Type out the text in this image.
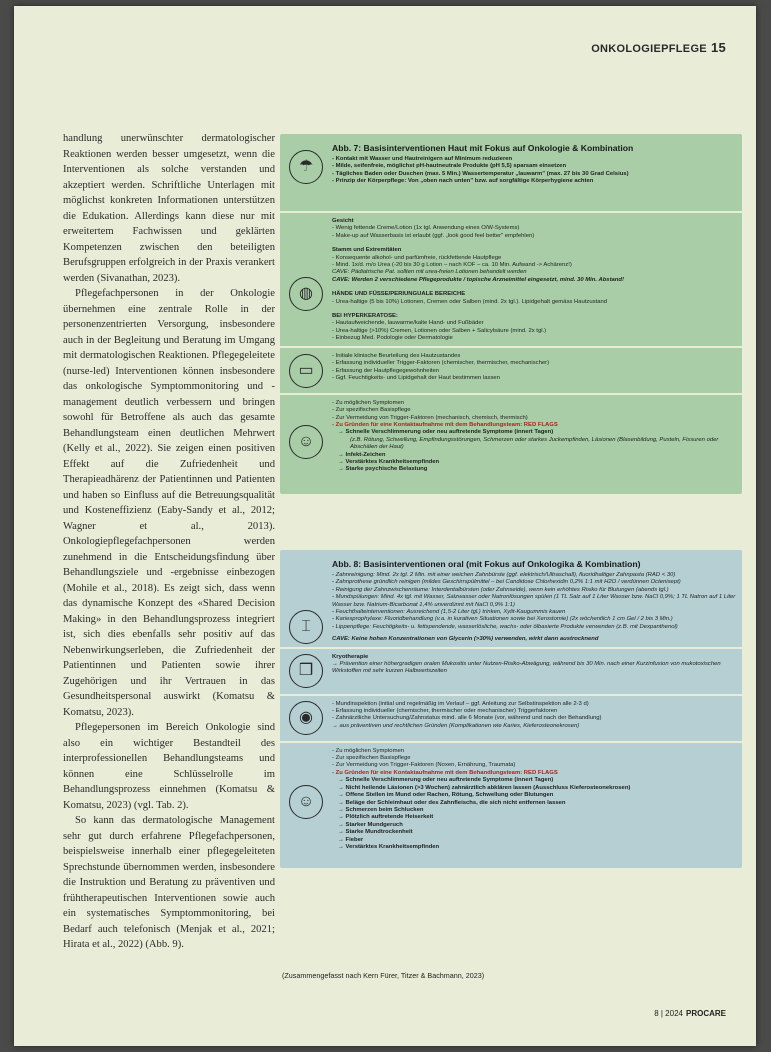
ONKOLOGIEPFLEGE 15

handlung unerwünschter dermatologischer Reaktionen werden besser umgesetzt, wenn die Interventionen als solche verstanden und akzeptiert werden. Schriftliche Unterlagen mit möglichst konkreten Informationen unterstützen die Edukation. Allerdings kann diese nur mit erweitertem Fachwissen und geklärten Kompetenzen zwischen den beteiligten Berufsgruppen erfolgreich in der Praxis verankert werden (Sivanathan, 2023).

Pflegefachpersonen in der Onkologie übernehmen eine zentrale Rolle in der personenzentrierten Versorgung, insbesondere auch in der Begleitung und Beratung im Umgang mit dermatologischen Reaktionen. Pflegegeleitete (nurse-led) Interventionen können insbesondere das onkologische Symptommonitoring und -management deutlich verbessern und bringen sowohl für Betroffene als auch das gesamte Behandlungsteam einen deutlichen Mehrwert (Kelly et al., 2022). Sie zeigen einen positiven Effekt auf die Zufriedenheit und Therapieadhärenz der Patientinnen und Patienten und haben so Einfluss auf die Betreuungsqualität und Kosteneffizienz (Eaby-Sandy et al., 2012; Wagner et al., 2013). Onkologiepflegefachpersonen werden zunehmend in die Entscheidungsfindung über Behandlungsziele und -ergebnisse einbezogen (Mohile et al., 2018). Es zeigt sich, dass wenn das dynamische Konzept des «Shared Decision Making» in den Behandlungsprozess integriert ist, sich dies ebenfalls sehr positiv auf das Nebenwirkungserleben, die Zufriedenheit der Patientinnen und Patienten sowie ihrer Zugehörigen und ihr Vertrauen in das Gesundheitspersonal auswirkt (Komatsu & Komatsu, 2023).

Pflegepersonen im Bereich Onkologie sind also ein wichtiger Bestandteil des interprofessionellen Behandlungsteams und können eine Schlüsselrolle im Behandlungsprozess einnehmen (Komatsu & Komatsu, 2023) (vgl. Tab. 2).

So kann das dermatologische Management sehr gut durch erfahrene Pflegefachpersonen, beispielsweise innerhalb einer pflegegeleiteten Sprechstunde übernommen werden, insbesondere die Instruktion und Beratung zu präventiven und frühtherapeutischen Interventionen sowie auch ein systematisches Symptommonitoring, bei Bedarf auch telefonisch (Menjak et al., 2021; Hirata et al., 2022) (Abb. 9).

☂
Abb. 7: Basisinterventionen Haut mit Fokus auf Onkologie & Kombination
- Kontakt mit Wasser und Hautreinigern auf Minimum reduzieren
- Milde, seifenfreie, möglichst pH-hautneutrale Produkte (pH 5,5) sparsam einsetzen
- Tägliches Baden oder Duschen (max. 5 Min.) Wassertemperatur „lauwarm" (max. 27 bis 30 Grad Celsius)
- Prinzip der Körperpflege: Von „oben nach unten" bzw. auf sorgfältige Körperhygiene achten
◍
Gesicht
- Wenig fettende Creme/Lotion (1x tgl. Anwendung eines O/W-Systems)
- Make-up auf Wasserbasis ist erlaubt (ggf. „look good feel better" empfehlen)
Stamm und Extremitäten
- Konsequente alkohol- und parfümfreie, rückfettende Hautpflege
- Mind. 1x/d. m/o Urea (-20 bis 30 g Lotion – nach KOF – ca. 10 Min. Aufwand -> Achärenz!)
CAVE: Pädiatrische Pat. sollten mit urea-freien Lotionen behandelt werden
CAVE: Werden 2 verschiedene Pflegeprodukte / topische Arzneimittel eingesetzt, mind. 30 Min. Abstand!
HÄNDE UND FÜSSE/PERIUNGUALE BEREICHE
- Urea-haltige (5 bis 10%) Lotionen, Cremen oder Salben (mind. 2x tgl.). Lipidgehalt gemäss Hautzustand
BEI HYPERKERATOSE:
- Hautaufweichende, lauwarme/kalte Hand- und Fußbäder
- Urea-haltige (>10%) Cremen, Lotionen oder Salben + Salicylsäure (mind. 2x tgl.)
- Einbezug Med. Podologie oder Dermatologie
▭
- Initiale klinische Beurteilung des Hautzustandes
- Erfassung individueller Trigger-Faktoren (chemischer, thermischer, mechanischer)
- Erfassung der Hautpflegegewohnheiten
- Ggf. Feuchtigkeits- und Lipidgehalt der Haut bestimmen lassen
☺
- Zu möglichen Symptomen
- Zur spezifischen Basispflege
- Zur Vermeidung von Trigger-Faktoren (mechanisch, chemisch, thermisch)
- Zu Gründen für eine Kontaktaufnahme mit dem Behandlungsteam: RED FLAGS
→ Schnelle Verschlimmerung oder neu auftretende Symptome (innert Tagen)
(z.B. Rötung, Schwellung, Empfindungsstörungen, Schmerzen oder starkes Juckempfinden, Läsionen (Blasenbildung, Pusteln, Fissuren oder Abschälen der Haut)
→ Infekt-Zeichen
→ Verstärktes Krankheitsempfinden
→ Starke psychische Belastung
⌶
Abb. 8: Basisinterventionen oral (mit Fokus auf Onkologika & Kombination)
- Zahnreinigung: Mind. 2x tgl. 2 Min. mit einer weichen Zahnbürste (ggf. elektrisch/Ultraschall), fluoridhaltiger Zahnpasta (RAD < 30)
- Zahnprothese gründlich reinigen (mildes Geschirrspülmittel – bei Candidose Chlorhexidin 0,2% 1:1 mit H2O / verdünnen Octenisept)
- Reinigung der Zahnzwischenräume: Interdentalbürsten (oder Zahnseide), wenn kein erhöhtes Risiko für Blutungen (abends tgl.)
- Mundspülungen: Mind. 4x tgl. mit Wasser, Salzwasser oder Natronlösungen spülen (1 TL Salz auf 1 Liter Wasser bzw. NaCl 0,9%; 1 TL Natron auf 1 Liter Wasser bzw. Natrium-Bicarbonat 1,4% unverdünnt mit NaCl 0,9% 1:1)
- Feuchthalteinterventionen: Ausreichend (1,5-2 Liter tgl.) trinken, Xylit-Kaugummis kauen
- Kariesprophylaxe: Fluoridbehandlung (v.a. in kurativen Situationen sowie bei Xerostomie) (2x wöchentlich 1 cm Gel / 2 bis 3 Min.)
- Lippenpflege: Feuchtigkeits- u. fettspendende, wasserlösliche, wachs- oder ölbasierte Produkte verwenden (z.B. mit Dexpanthenol)
CAVE: Keine hohen Konzentrationen von Glycerin (>30%) verwenden, wirkt dann austrocknend
❒
Kryotherapie
→ Prävention einer höhergradigen oralen Mukositis unter Nutzen-Risiko-Abwägung, während bis 30 Min. nach einer Kurzinfusion von mukotoxischen Wirkstoffen mit sehr kurzen Halbwertszeiten
◉
- Mundinspektion (initial und regelmäßig im Verlauf – ggf. Anleitung zur Selbstinspektion alle 2-3 d)
- Erfassung individueller (chemischer, thermischer oder mechanischer) Triggerfaktoren
- Zahnärztliche Untersuchung/Zahnstatus mind. alle 6 Monate (vor, während und nach der Behandlung)
→ aus präventiven und rechtlichen Gründen (Komplikationen wie Karies, Kieferosteonekrosen)
☺
- Zu möglichen Symptomen
- Zur spezifischen Basispflege
- Zur Vermeidung von Trigger-Faktoren (Noxen, Ernährung, Traumata)
- Zu Gründen für eine Kontaktaufnahme mit dem Behandlungsteam: RED FLAGS
→ Schnelle Verschlimmerung oder neu auftretende Symptome (innert Tagen)
→ Nicht heilende Läsionen (>3 Wochen) zahnärztlich abklären lassen (Ausschluss Kieferosteonekrosen)
→ Offene Stellen im Mund oder Rachen, Rötung, Schwellung oder Blutungen
→ Beläge der Schleimhaut oder des Zahnfleischs, die sich nicht entfernen lassen
→ Schmerzen beim Schlucken
→ Plötzlich auftretende Heiserkeit
→ Starker Mundgeruch
→ Starke Mundtrockenheit
→ Fieber
→ Verstärktes Krankheitsempfinden
(Zusammengefasst nach Kern Fürer, Titzer & Bachmann, 2023)
8 | 2024 PROCARE
